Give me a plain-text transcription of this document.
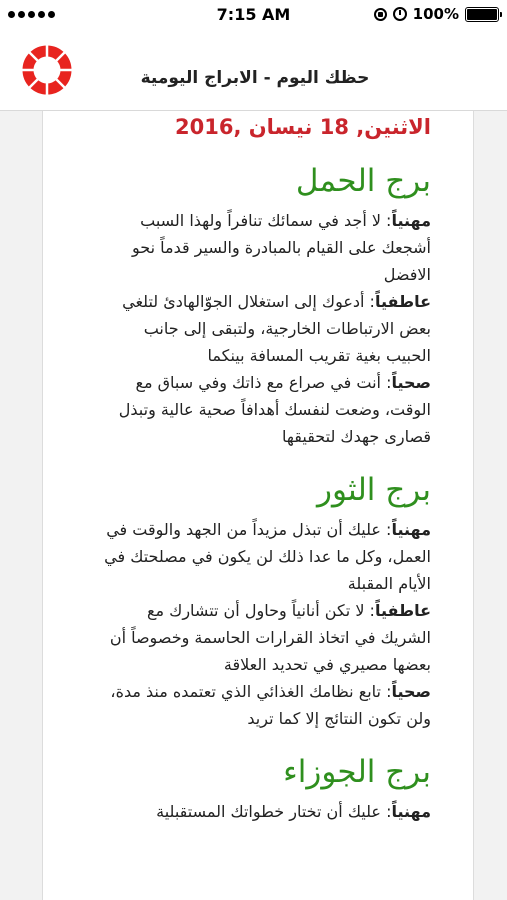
7:15 AM	100%
حظك اليوم - الابراج اليومية
الاثنين, 18 نيسان ,2016
برج الحمل
مهنياً: لا أجد في سمائك تنافراً ولهذا السبب أشجعك على القيام بالمبادرة والسير قدماً نحو الافضل
عاطفياً: أدعوك إلى استغلال الجوّالهادئ لتلغي بعض الارتباطات الخارجية، ولتبقى إلى جانب الحبيب بغية تقريب المسافة بينكما
صحياً: أنت في صراع مع ذاتك وفي سباق مع الوقت، وضعت لنفسك أهدافاً صحية عالية وتبذل قصارى جهدك لتحقيقها
برج الثور
مهنياً: عليك أن تبذل مزيداً من الجهد والوقت في العمل، وكل ما عدا ذلك لن يكون في مصلحتك في الأيام المقبلة
عاطفياً: لا تكن أنانياً وحاول أن تتشارك مع الشريك في اتخاذ القرارات الحاسمة وخصوصاً أن بعضها مصيري في تحديد العلاقة
صحياً: تابع نظامك الغذائي الذي تعتمده منذ مدة، ولن تكون النتائج إلا كما تريد
برج الجوزاء
مهنياً: عليك أن تختار خطواتك المستقبلية
